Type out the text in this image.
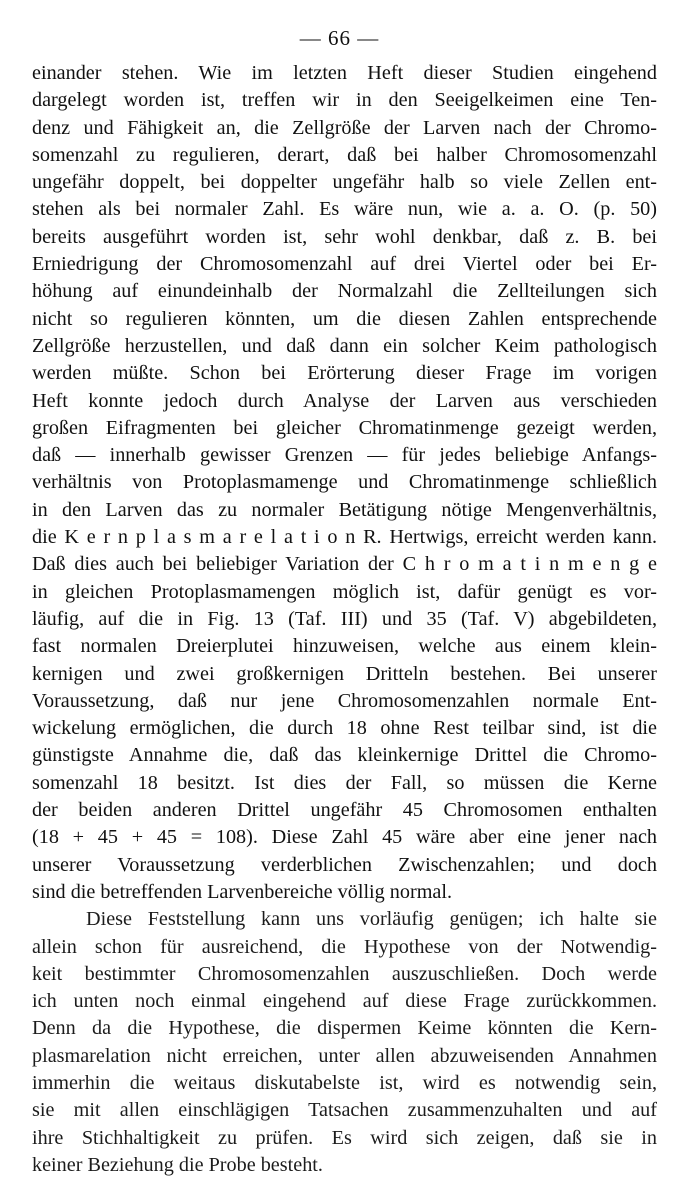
— 66 —
einander stehen. Wie im letzten Heft dieser Studien eingehend
dargelegt worden ist, treffen wir in den Seeigelkeimen eine Ten-
denz und Fähigkeit an, die Zellgröße der Larven nach der Chromo-
somenzahl zu regulieren, derart, daß bei halber Chromosomenzahl
ungefähr doppelt, bei doppelter ungefähr halb so viele Zellen ent-
stehen als bei normaler Zahl. Es wäre nun, wie a. a. O. (p. 50)
bereits ausgeführt worden ist, sehr wohl denkbar, daß z. B. bei
Erniedrigung der Chromosomenzahl auf drei Viertel oder bei Er-
höhung auf einundeinhalb der Normalzahl die Zellteilungen sich
nicht so regulieren könnten, um die diesen Zahlen entsprechende
Zellgröße herzustellen, und daß dann ein solcher Keim pathologisch
werden müßte. Schon bei Erörterung dieser Frage im vorigen
Heft konnte jedoch durch Analyse der Larven aus verschieden
großen Eifragmenten bei gleicher Chromatinmenge gezeigt werden,
daß — innerhalb gewisser Grenzen — für jedes beliebige Anfangs-
verhältnis von Protoplasmamenge und Chromatinmenge schließlich
in den Larven das zu normaler Betätigung nötige Mengenverhältnis,
die K e r n p l a s m a r e l a t i o n R. Hertwigs, erreicht werden kann.
Daß dies auch bei beliebiger Variation der C h r o m a t i n m e n g e
in gleichen Protoplasmamengen möglich ist, dafür genügt es vor-
läufig, auf die in Fig. 13 (Taf. III) und 35 (Taf. V) abgebildeten,
fast normalen Dreierplutei hinzuweisen, welche aus einem klein-
kernigen und zwei großkernigen Dritteln bestehen. Bei unserer
Voraussetzung, daß nur jene Chromosomenzahlen normale Ent-
wickelung ermöglichen, die durch 18 ohne Rest teilbar sind, ist die
günstigste Annahme die, daß das kleinkernige Drittel die Chromo-
somenzahl 18 besitzt. Ist dies der Fall, so müssen die Kerne
der beiden anderen Drittel ungefähr 45 Chromosomen enthalten
(18 + 45 + 45 = 108). Diese Zahl 45 wäre aber eine jener nach
unserer Voraussetzung verderblichen Zwischenzahlen; und doch
sind die betreffenden Larvenbereiche völlig normal.
Diese Feststellung kann uns vorläufig genügen; ich halte sie
allein schon für ausreichend, die Hypothese von der Notwendig-
keit bestimmter Chromosomenzahlen auszuschließen. Doch werde
ich unten noch einmal eingehend auf diese Frage zurückkommen.
Denn da die Hypothese, die dispermen Keime könnten die Kern-
plasmarelation nicht erreichen, unter allen abzuweisenden Annahmen
immerhin die weitaus diskutabelste ist, wird es notwendig sein,
sie mit allen einschlägigen Tatsachen zusammenzuhalten und auf
ihre Stichhaltigkeit zu prüfen. Es wird sich zeigen, daß sie in
keiner Beziehung die Probe besteht.
